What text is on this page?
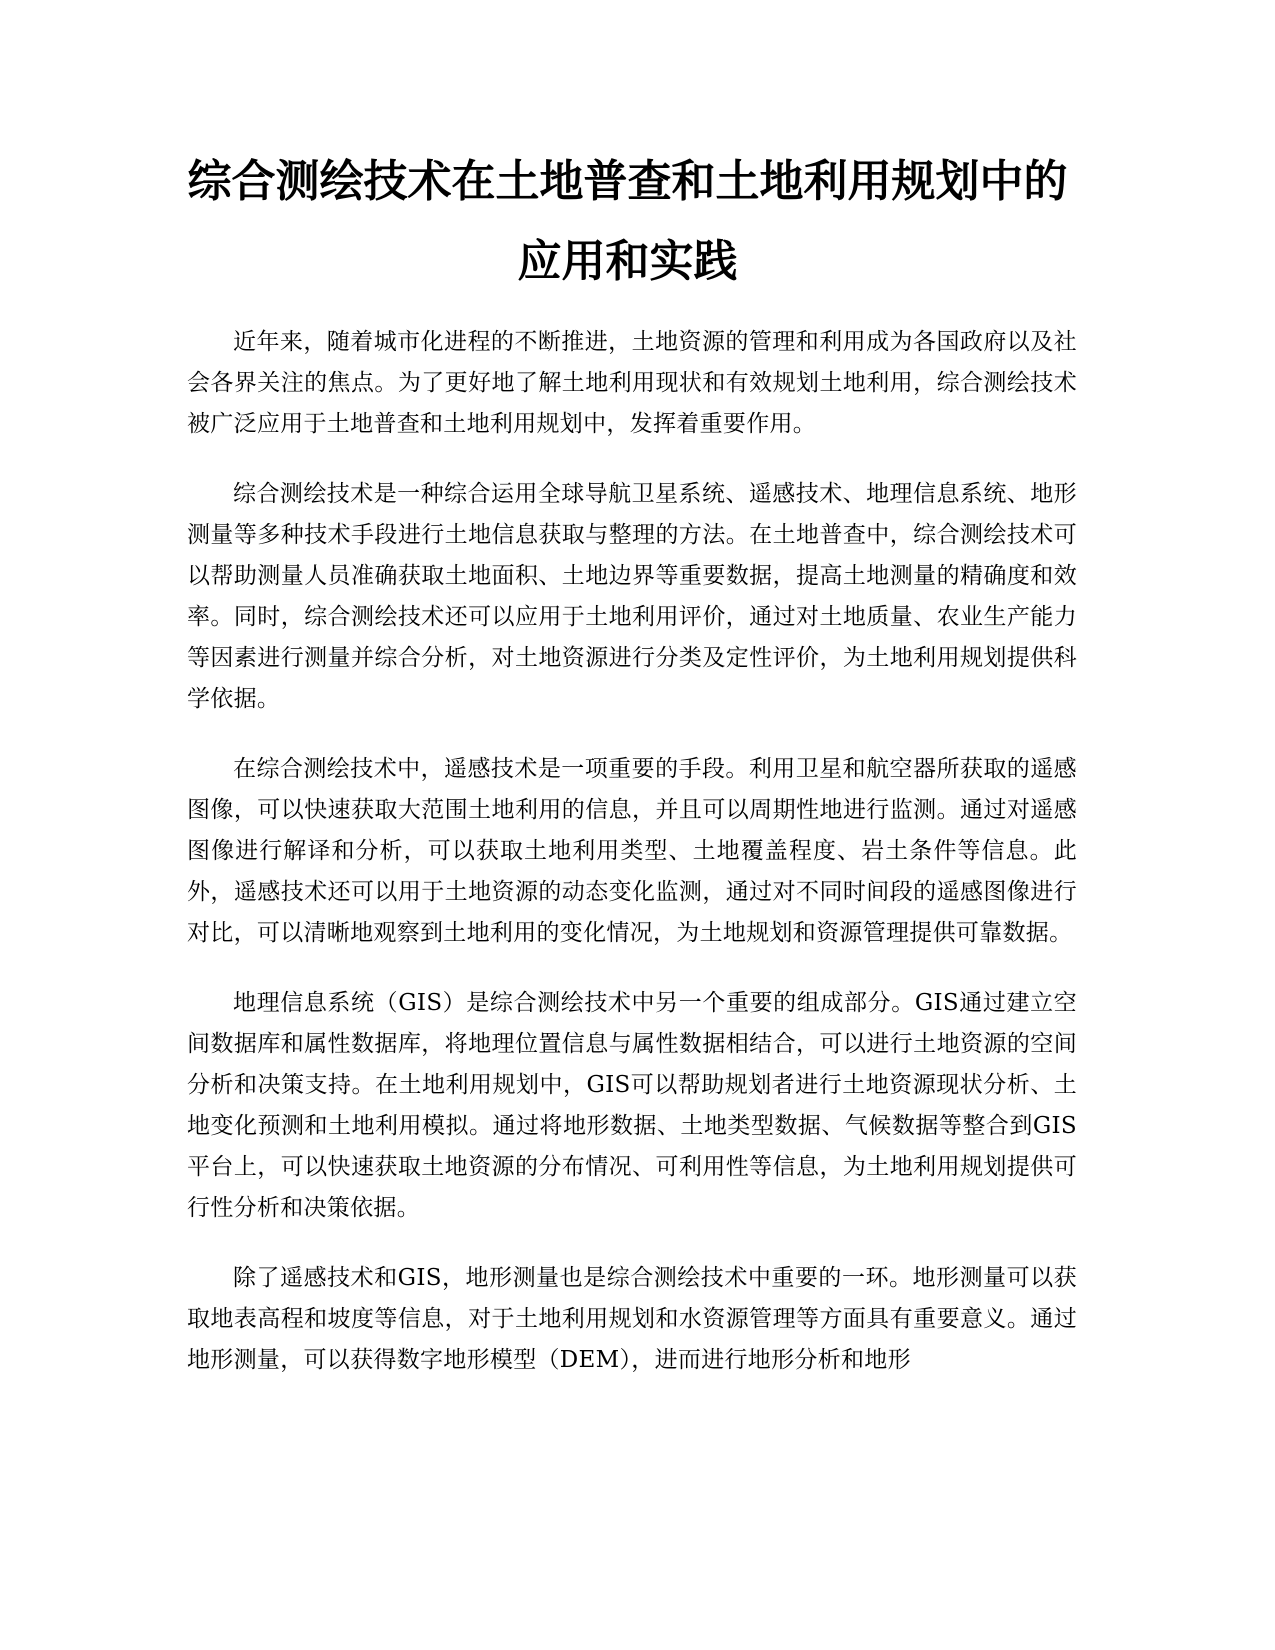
综合测绘技术在土地普查和土地利用规划中的应用和实践

近年来，随着城市化进程的不断推进，土地资源的管理和利用成为各国政府以及社会各界关注的焦点。为了更好地了解土地利用现状和有效规划土地利用，综合测绘技术被广泛应用于土地普查和土地利用规划中，发挥着重要作用。

综合测绘技术是一种综合运用全球导航卫星系统、遥感技术、地理信息系统、地形测量等多种技术手段进行土地信息获取与整理的方法。在土地普查中，综合测绘技术可以帮助测量人员准确获取土地面积、土地边界等重要数据，提高土地测量的精确度和效率。同时，综合测绘技术还可以应用于土地利用评价，通过对土地质量、农业生产能力等因素进行测量并综合分析，对土地资源进行分类及定性评价，为土地利用规划提供科学依据。

在综合测绘技术中，遥感技术是一项重要的手段。利用卫星和航空器所获取的遥感图像，可以快速获取大范围土地利用的信息，并且可以周期性地进行监测。通过对遥感图像进行解译和分析，可以获取土地利用类型、土地覆盖程度、岩土条件等信息。此外，遥感技术还可以用于土地资源的动态变化监测，通过对不同时间段的遥感图像进行对比，可以清晰地观察到土地利用的变化情况，为土地规划和资源管理提供可靠数据。

地理信息系统（GIS）是综合测绘技术中另一个重要的组成部分。GIS通过建立空间数据库和属性数据库，将地理位置信息与属性数据相结合，可以进行土地资源的空间分析和决策支持。在土地利用规划中，GIS可以帮助规划者进行土地资源现状分析、土地变化预测和土地利用模拟。通过将地形数据、土地类型数据、气候数据等整合到GIS平台上，可以快速获取土地资源的分布情况、可利用性等信息，为土地利用规划提供可行性分析和决策依据。

除了遥感技术和GIS，地形测量也是综合测绘技术中重要的一环。地形测量可以获取地表高程和坡度等信息，对于土地利用规划和水资源管理等方面具有重要意义。通过地形测量，可以获得数字地形模型（DEM），进而进行地形分析和地形
